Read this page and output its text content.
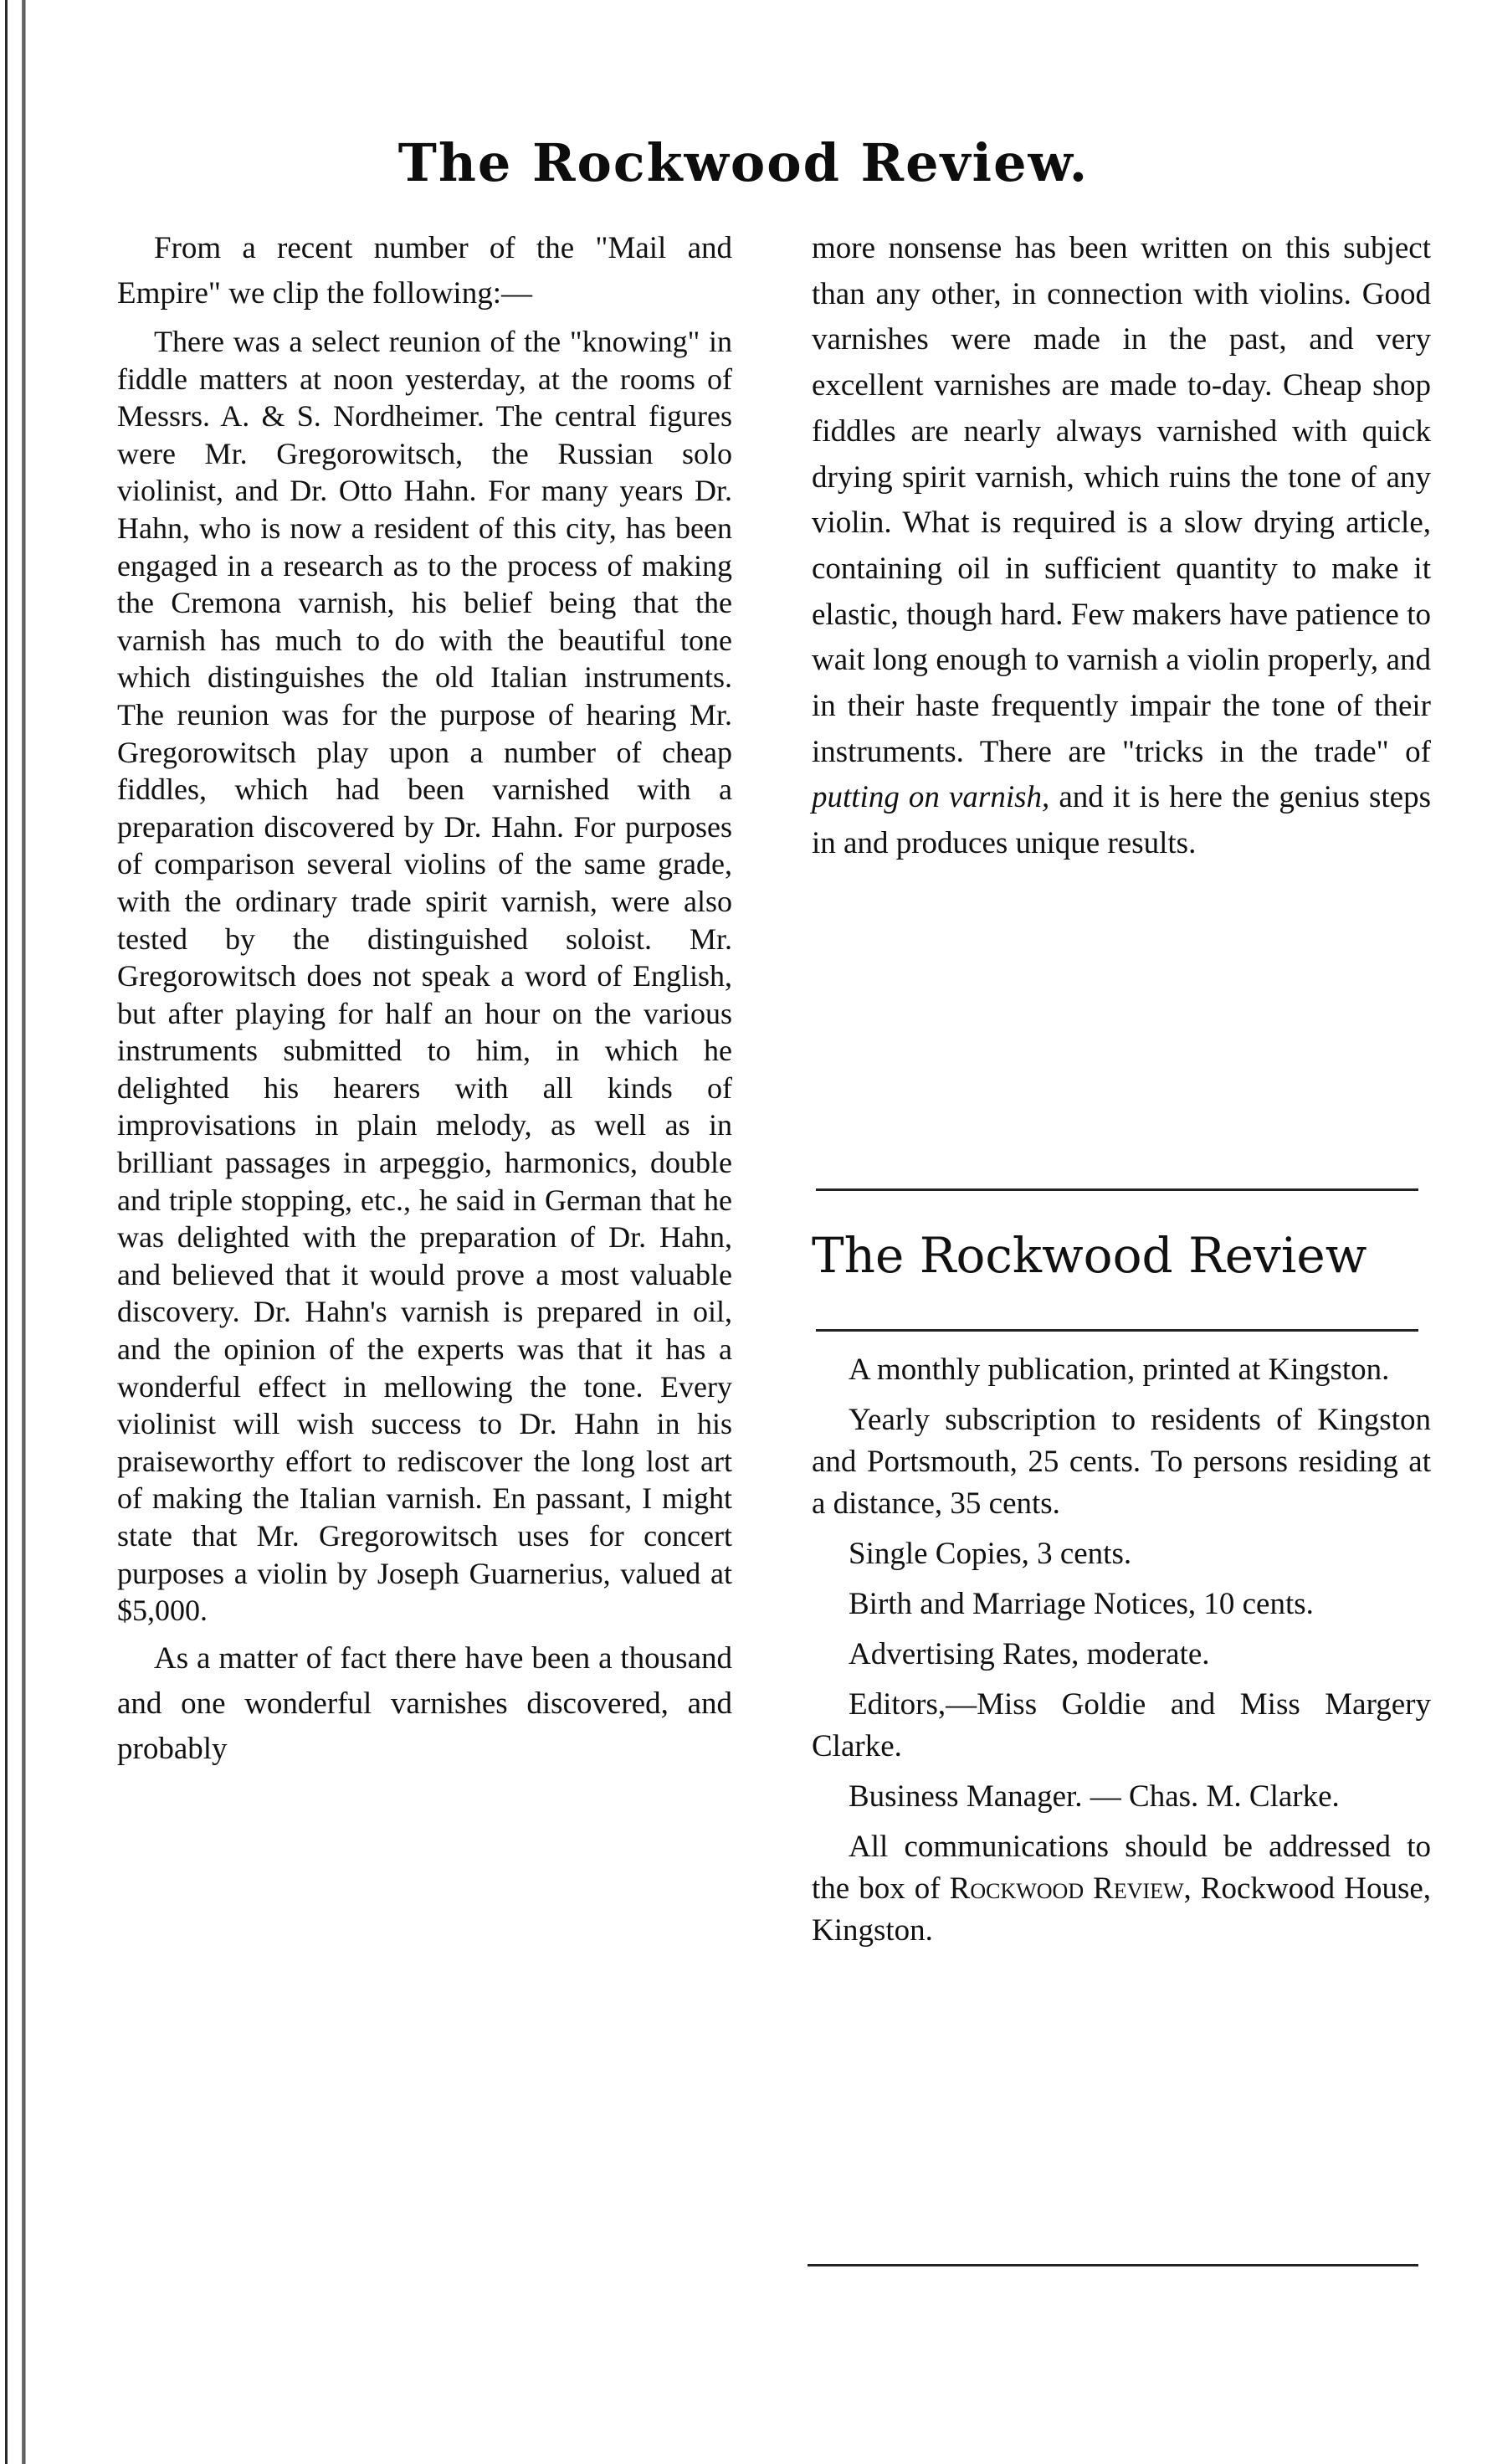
The Rockwood Review.

From a recent number of the "Mail and Empire" we clip the following:—

There was a select reunion of the "knowing" in fiddle matters at noon yesterday, at the rooms of Messrs. A. & S. Nordheimer. The central figures were Mr. Gregorowitsch, the Russian solo violinist, and Dr. Otto Hahn. For many years Dr. Hahn, who is now a resident of this city, has been engaged in a research as to the process of making the Cremona varnish, his belief being that the varnish has much to do with the beautiful tone which distinguishes the old Italian instruments. The reunion was for the purpose of hearing Mr. Gregorowitsch play upon a number of cheap fiddles, which had been varnished with a preparation discovered by Dr. Hahn. For purposes of comparison several violins of the same grade, with the ordinary trade spirit varnish, were also tested by the distinguished soloist. Mr. Gregorowitsch does not speak a word of English, but after playing for half an hour on the various instruments submitted to him, in which he delighted his hearers with all kinds of improvisations in plain melody, as well as in brilliant passages in arpeggio, harmonics, double and triple stopping, etc., he said in German that he was delighted with the preparation of Dr. Hahn, and believed that it would prove a most valuable discovery. Dr. Hahn's varnish is prepared in oil, and the opinion of the experts was that it has a wonderful effect in mellowing the tone. Every violinist will wish success to Dr. Hahn in his praiseworthy effort to rediscover the long lost art of making the Italian varnish. En passant, I might state that Mr. Gregorowitsch uses for concert purposes a violin by Joseph Guarnerius, valued at $5,000.

As a matter of fact there have been a thousand and one wonderful varnishes discovered, and probably

more nonsense has been written on this subject than any other, in connection with violins. Good varnishes were made in the past, and very excellent varnishes are made to-day. Cheap shop fiddles are nearly always varnished with quick drying spirit varnish, which ruins the tone of any violin. What is required is a slow drying article, containing oil in sufficient quantity to make it elastic, though hard. Few makers have patience to wait long enough to varnish a violin properly, and in their haste frequently impair the tone of their instruments. There are "tricks in the trade" of putting on varnish, and it is here the genius steps in and produces unique results.

The Rockwood Review

A monthly publication, printed at Kingston.

Yearly subscription to residents of Kingston and Portsmouth, 25 cents. To persons residing at a distance, 35 cents.

Single Copies, 3 cents.

Birth and Marriage Notices, 10 cents.

Advertising Rates, moderate.

Editors,—Miss Goldie and Miss Margery Clarke.

Business Manager. — Chas. M. Clarke.

All communications should be addressed to the box of Rockwood Review, Rockwood House, Kingston.
